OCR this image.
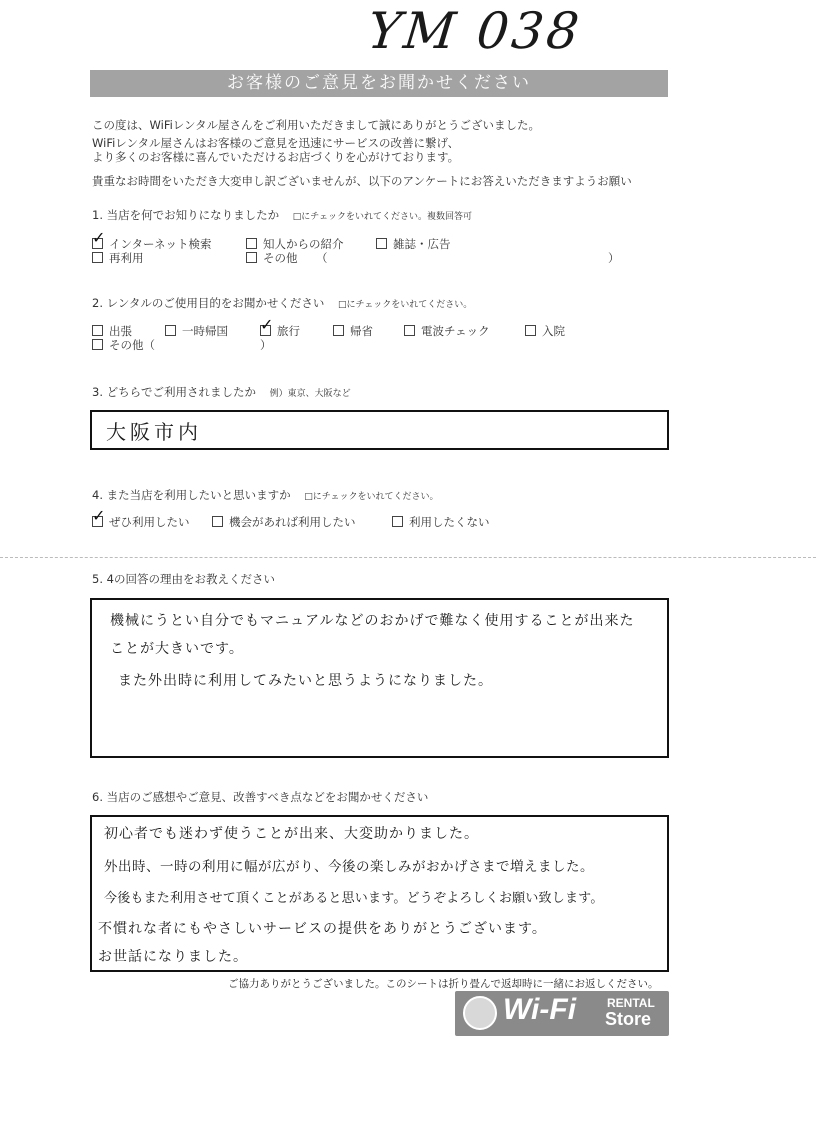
YM 038
お客様のご意見をお聞かせください
この度は、WiFiレンタル屋さんをご利用いただきまして誠にありがとうございました。
WiFiレンタル屋さんはお客様のご意見を迅速にサービスの改善に繋げ、
より多くのお客様に喜んでいただけるお店づくりを心がけております。
貴重なお時間をいただき大変申し訳ございませんが、以下のアンケートにお答えいただきますようお願い
1. 当店を何でお知りになりましたか □にチェックをいれてください。複数回答可
✓インターネット検索	知人からの紹介	雑誌・広告
再利用	その他 （	）
2. レンタルのご使用目的をお聞かせください □にチェックをいれてください。
出張	一時帰国
✓	旅行	帰省	電波チェック	入院
その他（	）
3. どちらでご利用されましたか 例）東京、大阪など
大阪市内
4. また当店を利用したいと思いますか □にチェックをいれてください。
✓ぜひ利用したい	機会があれば利用したい	利用したくない
5. 4の回答の理由をお教えください
機械にうとい自分でもマニュアルなどのおかげで難なく使用することが出来た
ことが大きいです。
また外出時に利用してみたいと思うようになりました。
6. 当店のご感想やご意見、改善すべき点などをお聞かせください
初心者でも迷わず使うことが出来、大変助かりました。
外出時、一時の利用に幅が広がり、今後の楽しみがおかげさまで増えました。
今後もまた利用させて頂くことがあると思います。どうぞよろしくお願い致します。
不慣れな者にもやさしいサービスの提供をありがとうございます。
お世話になりました。
ご協力ありがとうございました。このシートは折り畳んで返却時に一緒にお返しください。
Wi-Fi	RENTAL
Store
